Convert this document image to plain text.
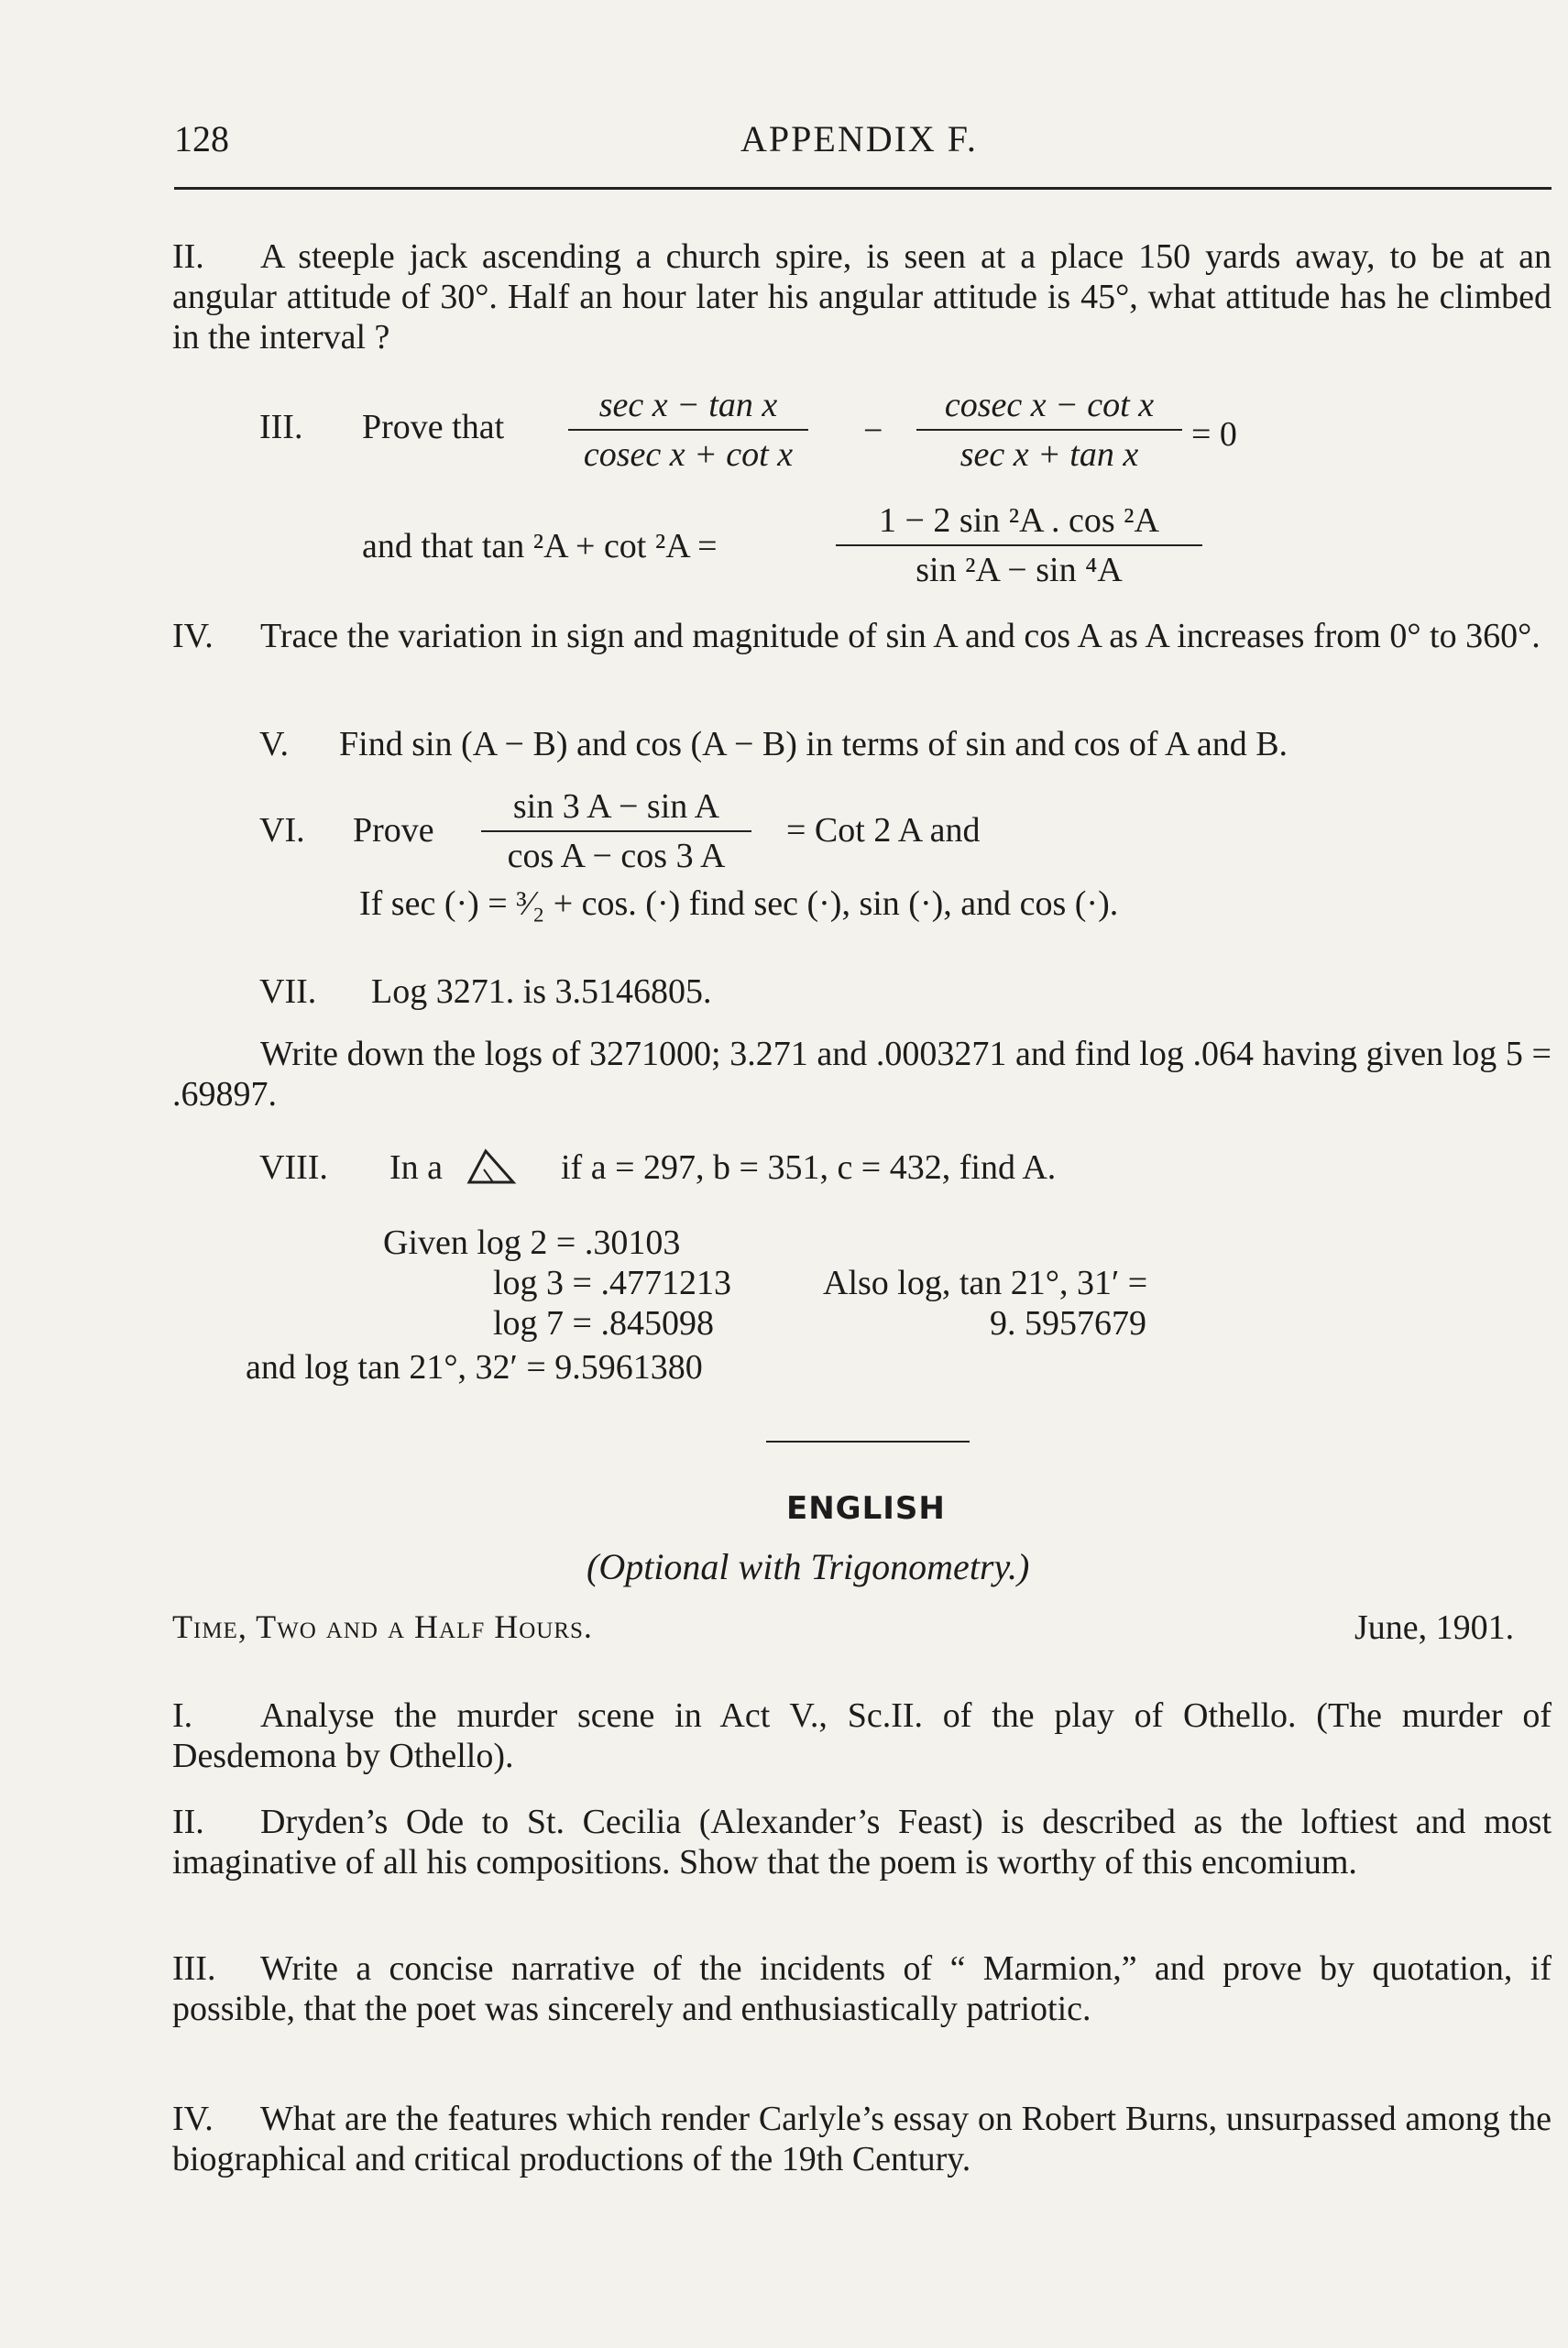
128	APPENDIX F.
II. A steeple jack ascending a church spire, is seen at a place 150 yards away, to be at an angular attitude of 30°. Half an hour later his angular attitude is 45°, what attitude has he climbed in the interval ?
III. Prove that
sec x − tan x
cosec x + cot x
−
cosec x − cot x
sec x + tan x
= 0
and that tan ²A + cot ²A =	$\frac{\text{1 − 2 sin ²A . cos ²A}}{\text{sin ²A − sin ⁴A}}$
IV. Trace the variation in sign and magnitude of sin A and cos A as A increases from 0° to 360°.
V. Find sin (A − B) and cos (A − B) in terms of sin and cos of A and B.
VI. Prove $\frac{\text{sin 3 A − sin A}}{\text{cos A − cos 3 A}}$ = Cot 2 A and
If sec (·) = ³⁄₂ + cos. (·) find sec (·), sin (·), and cos (·).
VII. Log 3271. is 3.5146805.
Write down the logs of 3271000; 3.271 and .0003271 and find log .064 having given log 5 = .69897.
VIII. In a	if a = 297, b = 351, c = 432, find A.
Given log 2 = .30103
log 3 = .4771213
log 7 = .845098
Also log, tan 21°, 31′ =
9. 5957679
and log tan 21°, 32′ = 9.5961380
ENGLISH
(Optional with Trigonometry.)
Time, Two and a Half Hours.	June, 1901.
I. Analyse the murder scene in Act V., Sc.II. of the play of Othello. (The murder of Desdemona by Othello).
II. Dryden’s Ode to St. Cecilia (Alexander’s Feast) is described as the loftiest and most imaginative of all his compositions. Show that the poem is worthy of this encomium.
III. Write a concise narrative of the incidents of “ Marmion,” and prove by quotation, if possible, that the poet was sincerely and enthusiastically patriotic.
IV. What are the features which render Carlyle’s essay on Robert Burns, unsurpassed among the biographical and critical productions of the 19th Century.
